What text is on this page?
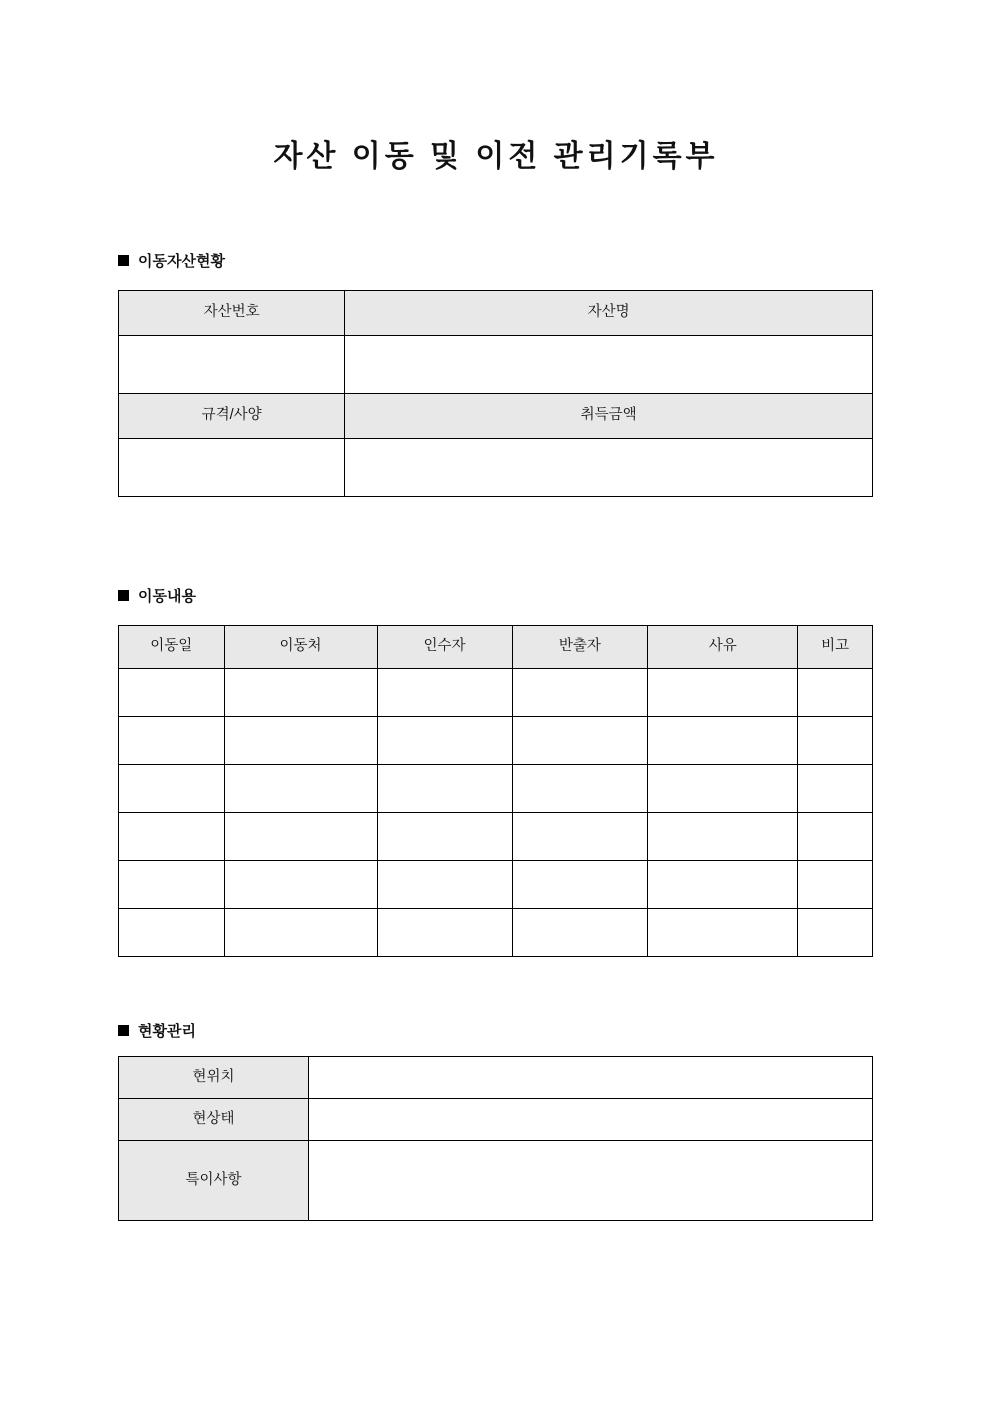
자산 이동 및 이전 관리기록부
이동자산현황
자산번호	자산명

규격/사양	취득금액

이동내용
이동일	이동처	인수자	반출자	사유	비고

현황관리
현위치	
현상태	
특이사항	
